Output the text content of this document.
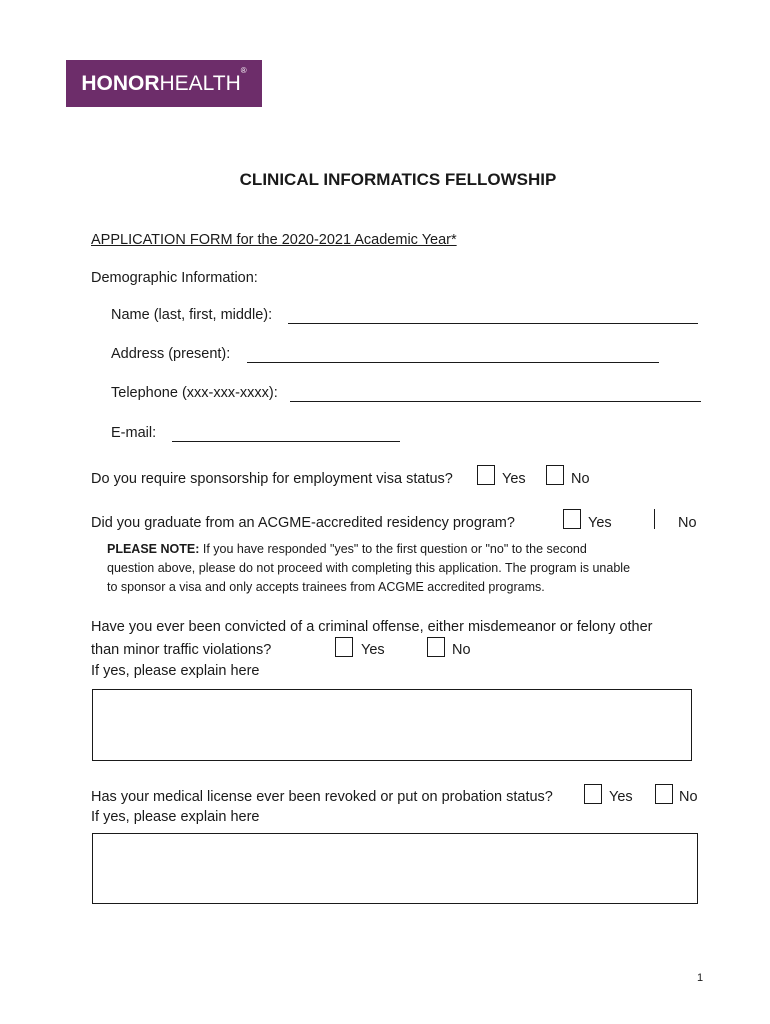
HONORHEALTH®
CLINICAL INFORMATICS FELLOWSHIP
APPLICATION FORM for the 2020-2021 Academic Year*
Demographic Information:
Name (last, first, middle):
Address (present):
Telephone (xxx-xxx-xxxx):
E-mail:
Do you require sponsorship for employment visa status?	Yes	No
Did you graduate from an ACGME-accredited residency program?	Yes	No
PLEASE NOTE: If you have responded "yes" to the first question or "no" to the second
question above, please do not proceed with completing this application. The program is unable
to sponsor a visa and only accepts trainees from ACGME accredited programs.
Have you ever been convicted of a criminal offense, either misdemeanor or felony other
than minor traffic violations?	Yes	No
If yes, please explain here
Has your medical license ever been revoked or put on probation status?	Yes	No
If yes, please explain here
1
